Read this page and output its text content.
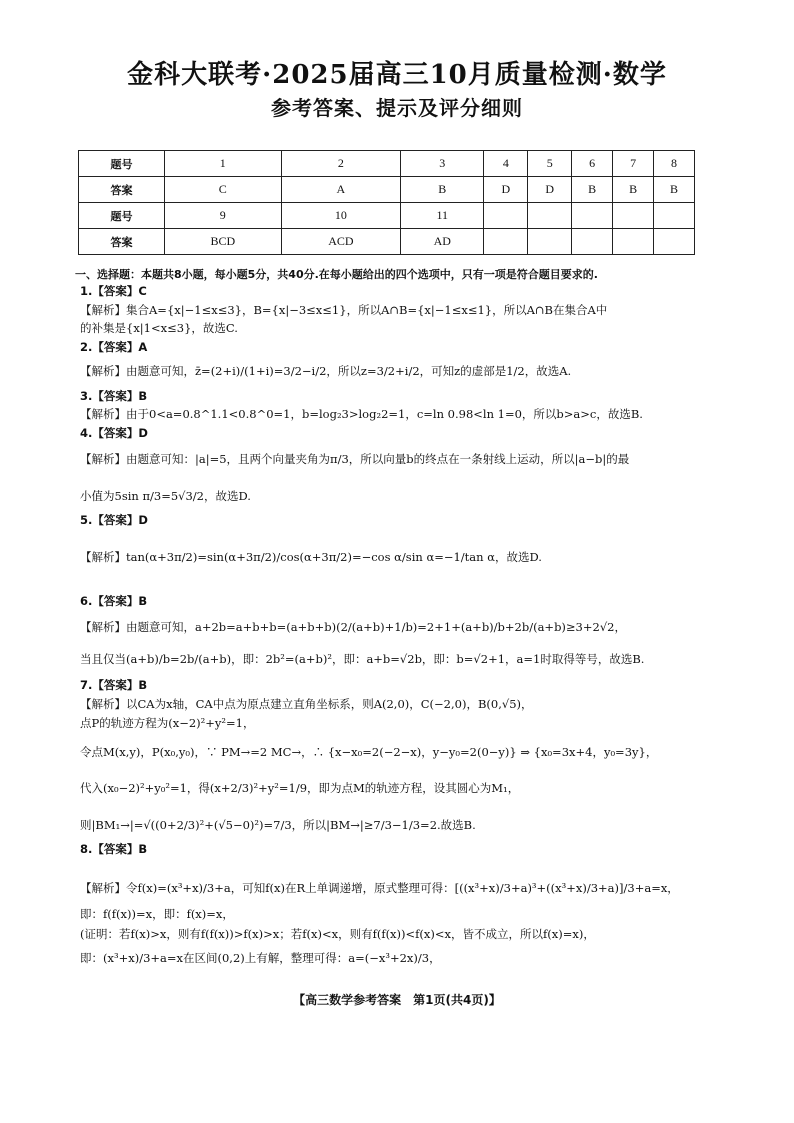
金科大联考·2025届高三10月质量检测·数学
参考答案、提示及评分细则
题号	1	2	3	4	5	6	7	8
答案	C	A	B	D	D	B	B	B
题号	9	10	11					
答案	BCD	ACD	AD					
一、选择题：本题共8小题，每小题5分，共40分.在每小题给出的四个选项中，只有一项是符合题目要求的.
1.【答案】C
【解析】集合A={x|−1≤x≤3}，B={x|−3≤x≤1}，所以A∩B={x|−1≤x≤1}，所以A∩B在集合A中
的补集是{x|1<x≤3}，故选C.
2.【答案】A
【解析】由题意可知，z̄=(2+i)/(1+i)=3/2−i/2，所以z=3/2+i/2，可知z的虚部是1/2，故选A.
3.【答案】B
【解析】由于0<a=0.8^1.1<0.8^0=1，b=log₂3>log₂2=1，c=ln 0.98<ln 1=0，所以b>a>c，故选B.
4.【答案】D
【解析】由题意可知：|a|=5，且两个向量夹角为π/3，所以向量b的终点在一条射线上运动，所以|a−b|的最
小值为5sin π/3=5√3/2，故选D.
5.【答案】D
【解析】tan(α+3π/2)=sin(α+3π/2)/cos(α+3π/2)=−cos α/sin α=−1/tan α，故选D.
6.【答案】B
【解析】由题意可知，a+2b=a+b+b=(a+b+b)(2/(a+b)+1/b)=2+1+(a+b)/b+2b/(a+b)≥3+2√2，
当且仅当(a+b)/b=2b/(a+b)，即：2b²=(a+b)²，即：a+b=√2b，即：b=√2+1，a=1时取得等号，故选B.
7.【答案】B
【解析】以CA为x轴，CA中点为原点建立直角坐标系，则A(2,0)，C(−2,0)，B(0,√5)，
点P的轨迹方程为(x−2)²+y²=1，
令点M(x,y)，P(x₀,y₀)，∵ PM→=2 MC→，∴ {x−x₀=2(−2−x)，y−y₀=2(0−y)} ⇒ {x₀=3x+4，y₀=3y}，
代入(x₀−2)²+y₀²=1，得(x+2/3)²+y²=1/9，即为点M的轨迹方程，设其圆心为M₁，
则|BM₁→|=√((0+2/3)²+(√5−0)²)=7/3，所以|BM→|≥7/3−1/3=2.故选B.
8.【答案】B
【解析】令f(x)=(x³+x)/3+a，可知f(x)在R上单调递增，原式整理可得：[((x³+x)/3+a)³+((x³+x)/3+a)]/3+a=x，
即：f(f(x))=x，即：f(x)=x，
(证明：若f(x)>x，则有f(f(x))>f(x)>x；若f(x)<x，则有f(f(x))<f(x)<x，皆不成立，所以f(x)=x)，
即：(x³+x)/3+a=x在区间(0,2)上有解，整理可得：a=(−x³+2x)/3，
【高三数学参考答案　第1页(共4页)】
